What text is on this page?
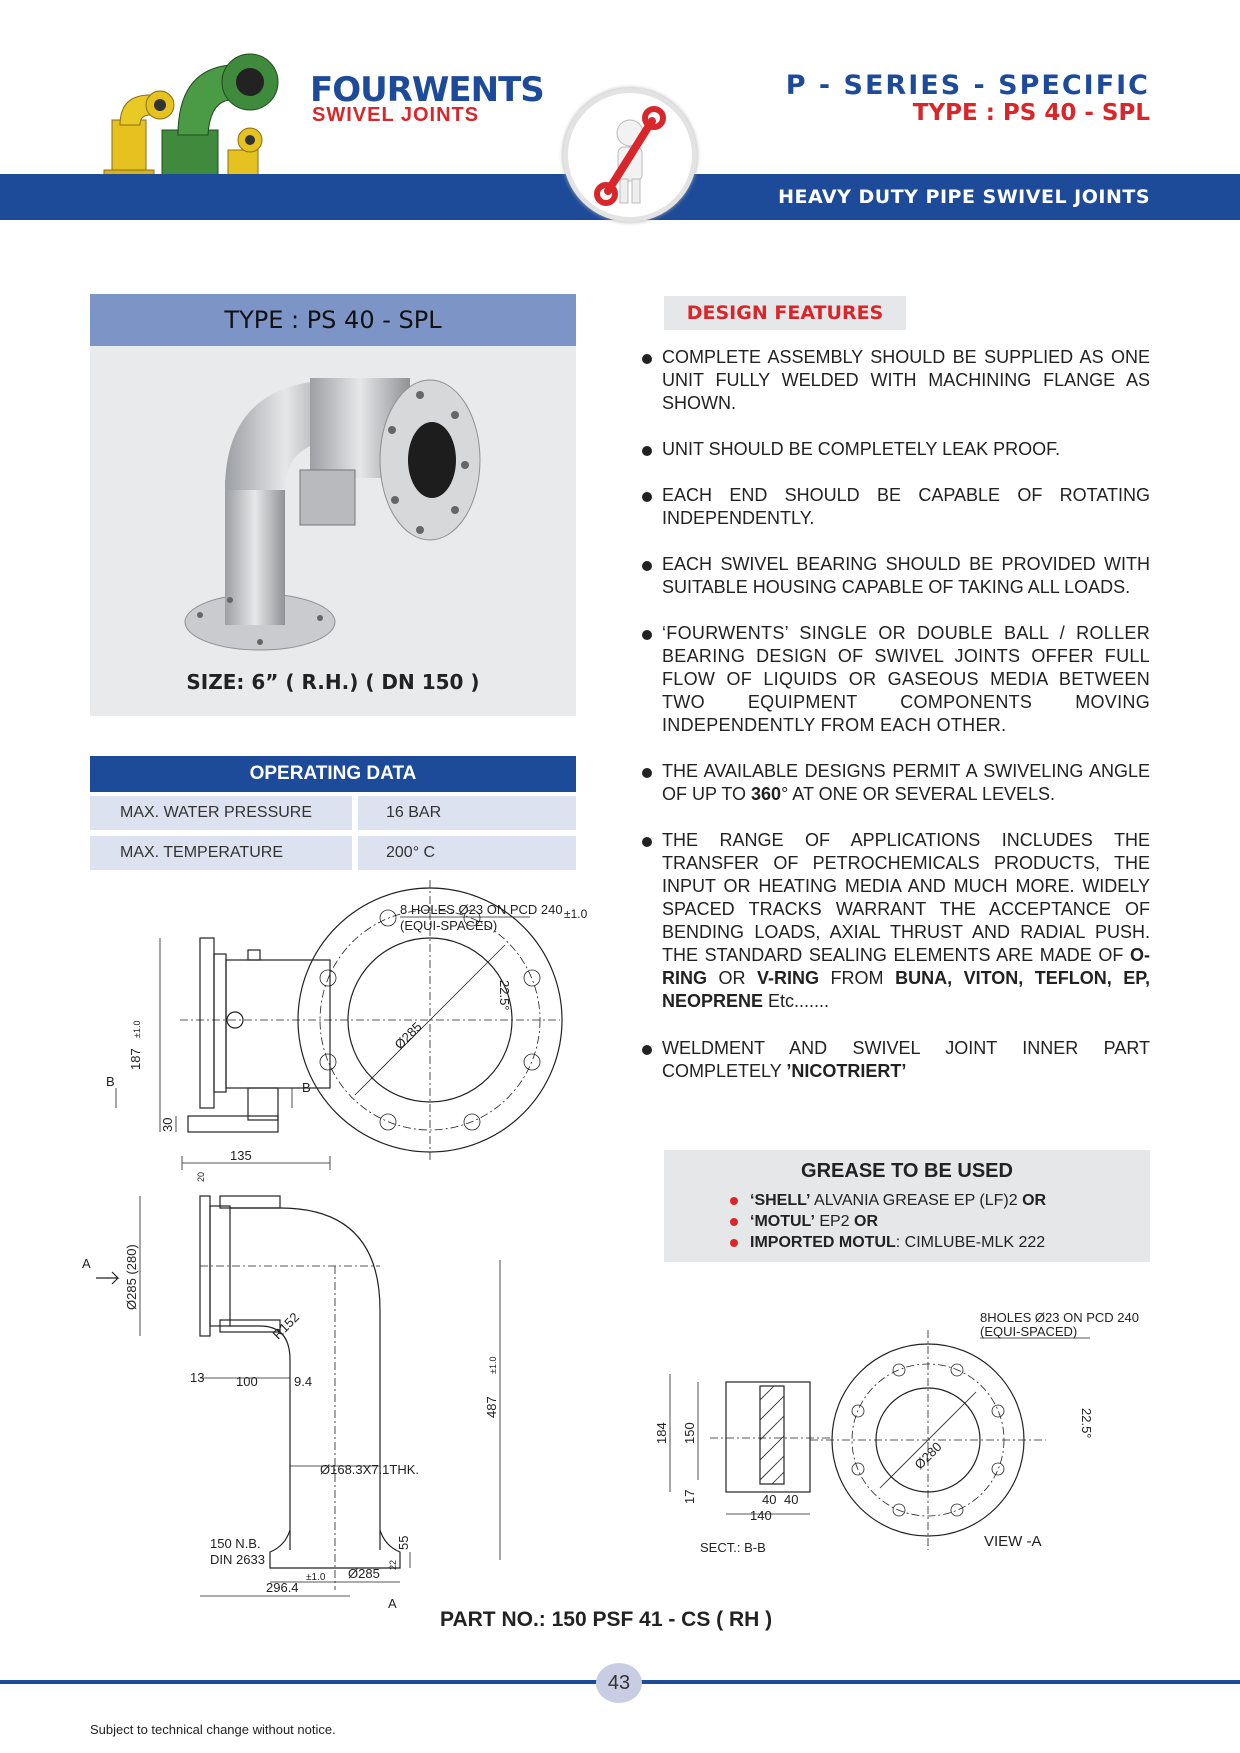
FOURWENTS
SWIVEL JOINTS
P - SERIES - SPECIFIC
TYPE : PS 40 - SPL
HEAVY DUTY PIPE SWIVEL JOINTS
TYPE : PS 40 - SPL
SIZE: 6” ( R.H.) ( DN 150 )
OPERATING DATA
MAX. WATER PRESSURE	16 BAR
MAX. TEMPERATURE	200° C
DESIGN FEATURES
COMPLETE ASSEMBLY SHOULD BE SUPPLIED AS ONE UNIT FULLY WELDED WITH MACHINING FLANGE AS SHOWN.
UNIT SHOULD BE COMPLETELY LEAK PROOF.
EACH END SHOULD BE CAPABLE OF ROTATING INDEPENDENTLY.
EACH SWIVEL BEARING SHOULD BE PROVIDED WITH SUITABLE HOUSING CAPABLE OF TAKING ALL LOADS.
‘FOURWENTS’ SINGLE OR DOUBLE BALL / ROLLER BEARING DESIGN OF SWIVEL JOINTS OFFER FULL FLOW OF LIQUIDS OR GASEOUS MEDIA BETWEEN TWO EQUIPMENT COMPONENTS MOVING INDEPENDENTLY FROM EACH OTHER.
THE AVAILABLE DESIGNS PERMIT A SWIVELING ANGLE OF UP TO 360° AT ONE OR SEVERAL LEVELS.
THE RANGE OF APPLICATIONS INCLUDES THE TRANSFER OF PETROCHEMICALS PRODUCTS, THE INPUT OR HEATING MEDIA AND MUCH MORE. WIDELY SPACED TRACKS WARRANT THE ACCEPTANCE OF BENDING LOADS, AXIAL THRUST AND RADIAL PUSH. THE STANDARD SEALING ELEMENTS ARE MADE OF O-RING OR V-RING FROM BUNA, VITON, TEFLON, EP, NEOPRENE Etc.......
WELDMENT AND SWIVEL JOINT INNER PART COMPLETELY ’NICOTRIERT’
GREASE TO BE USED
‘SHELL’ ALVANIA GREASE EP (LF)2 OR
‘MOTUL’ EP2 OR
IMPORTED MOTUL: CIMLUBE-MLK 222
Ø285
22.5°
8 HOLES Ø23 ON PCD 240 ±1.0
(EQUI-SPACED)
187
±1.0
30
B	B
135
20
R152
Ø285 (280)
A
13 100	9.4
487
±1.0
Ø168.3X7.1THK.
55
22
150 N.B.
DIN 2633
Ø285
296.4
±1.0
A
184 150
17	40 40
140
SECT.: B-B
Ø280
22.5°
8HOLES Ø23 ON PCD 240
(EQUI-SPACED)
VIEW -A
PART NO.: 150 PSF 41 - CS ( RH )
43
Subject to technical change without notice.
